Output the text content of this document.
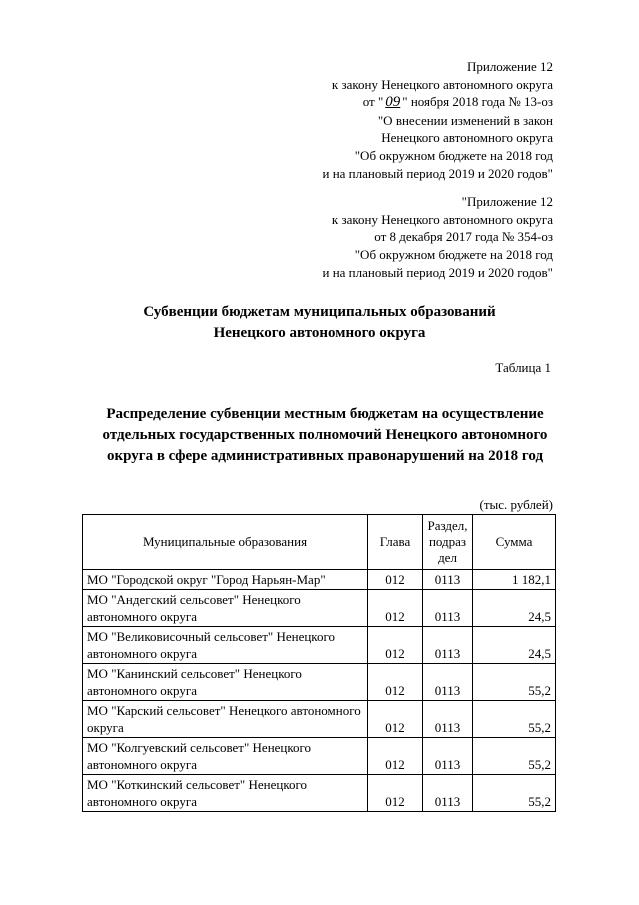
Приложение 12
к закону Ненецкого автономного округа
от " 09 " ноября 2018 года № 13-оз
"О внесении изменений в закон
Ненецкого автономного округа
"Об окружном бюджете на 2018 год
и на плановый период 2019 и 2020 годов"
"Приложение 12
к закону Ненецкого автономного округа
от 8 декабря 2017 года № 354-оз
"Об окружном бюджете на 2018 год
и на плановый период 2019 и 2020 годов"
Субвенции бюджетам муниципальных образований
Ненецкого автономного округа
Таблица 1
Распределение субвенции местным бюджетам на осуществление
отдельных государственных полномочий Ненецкого автономного
округа в сфере административных правонарушений на 2018 год
(тыс. рублей)
Муниципальные образования	Глава	Раздел,
подраз
дел	Сумма
МО "Городской округ "Город Нарьян-Мар"	012	0113	1 182,1
МО "Андегский сельсовет" Ненецкого автономного округа	012	0113	24,5
МО "Великовисочный сельсовет" Ненецкого автономного округа	012	0113	24,5
МО "Канинский сельсовет" Ненецкого автономного округа	012	0113	55,2
МО "Карский сельсовет" Ненецкого автономного округа	012	0113	55,2
МО "Колгуевский сельсовет" Ненецкого автономного округа	012	0113	55,2
МО "Коткинский сельсовет" Ненецкого автономного округа	012	0113	55,2
